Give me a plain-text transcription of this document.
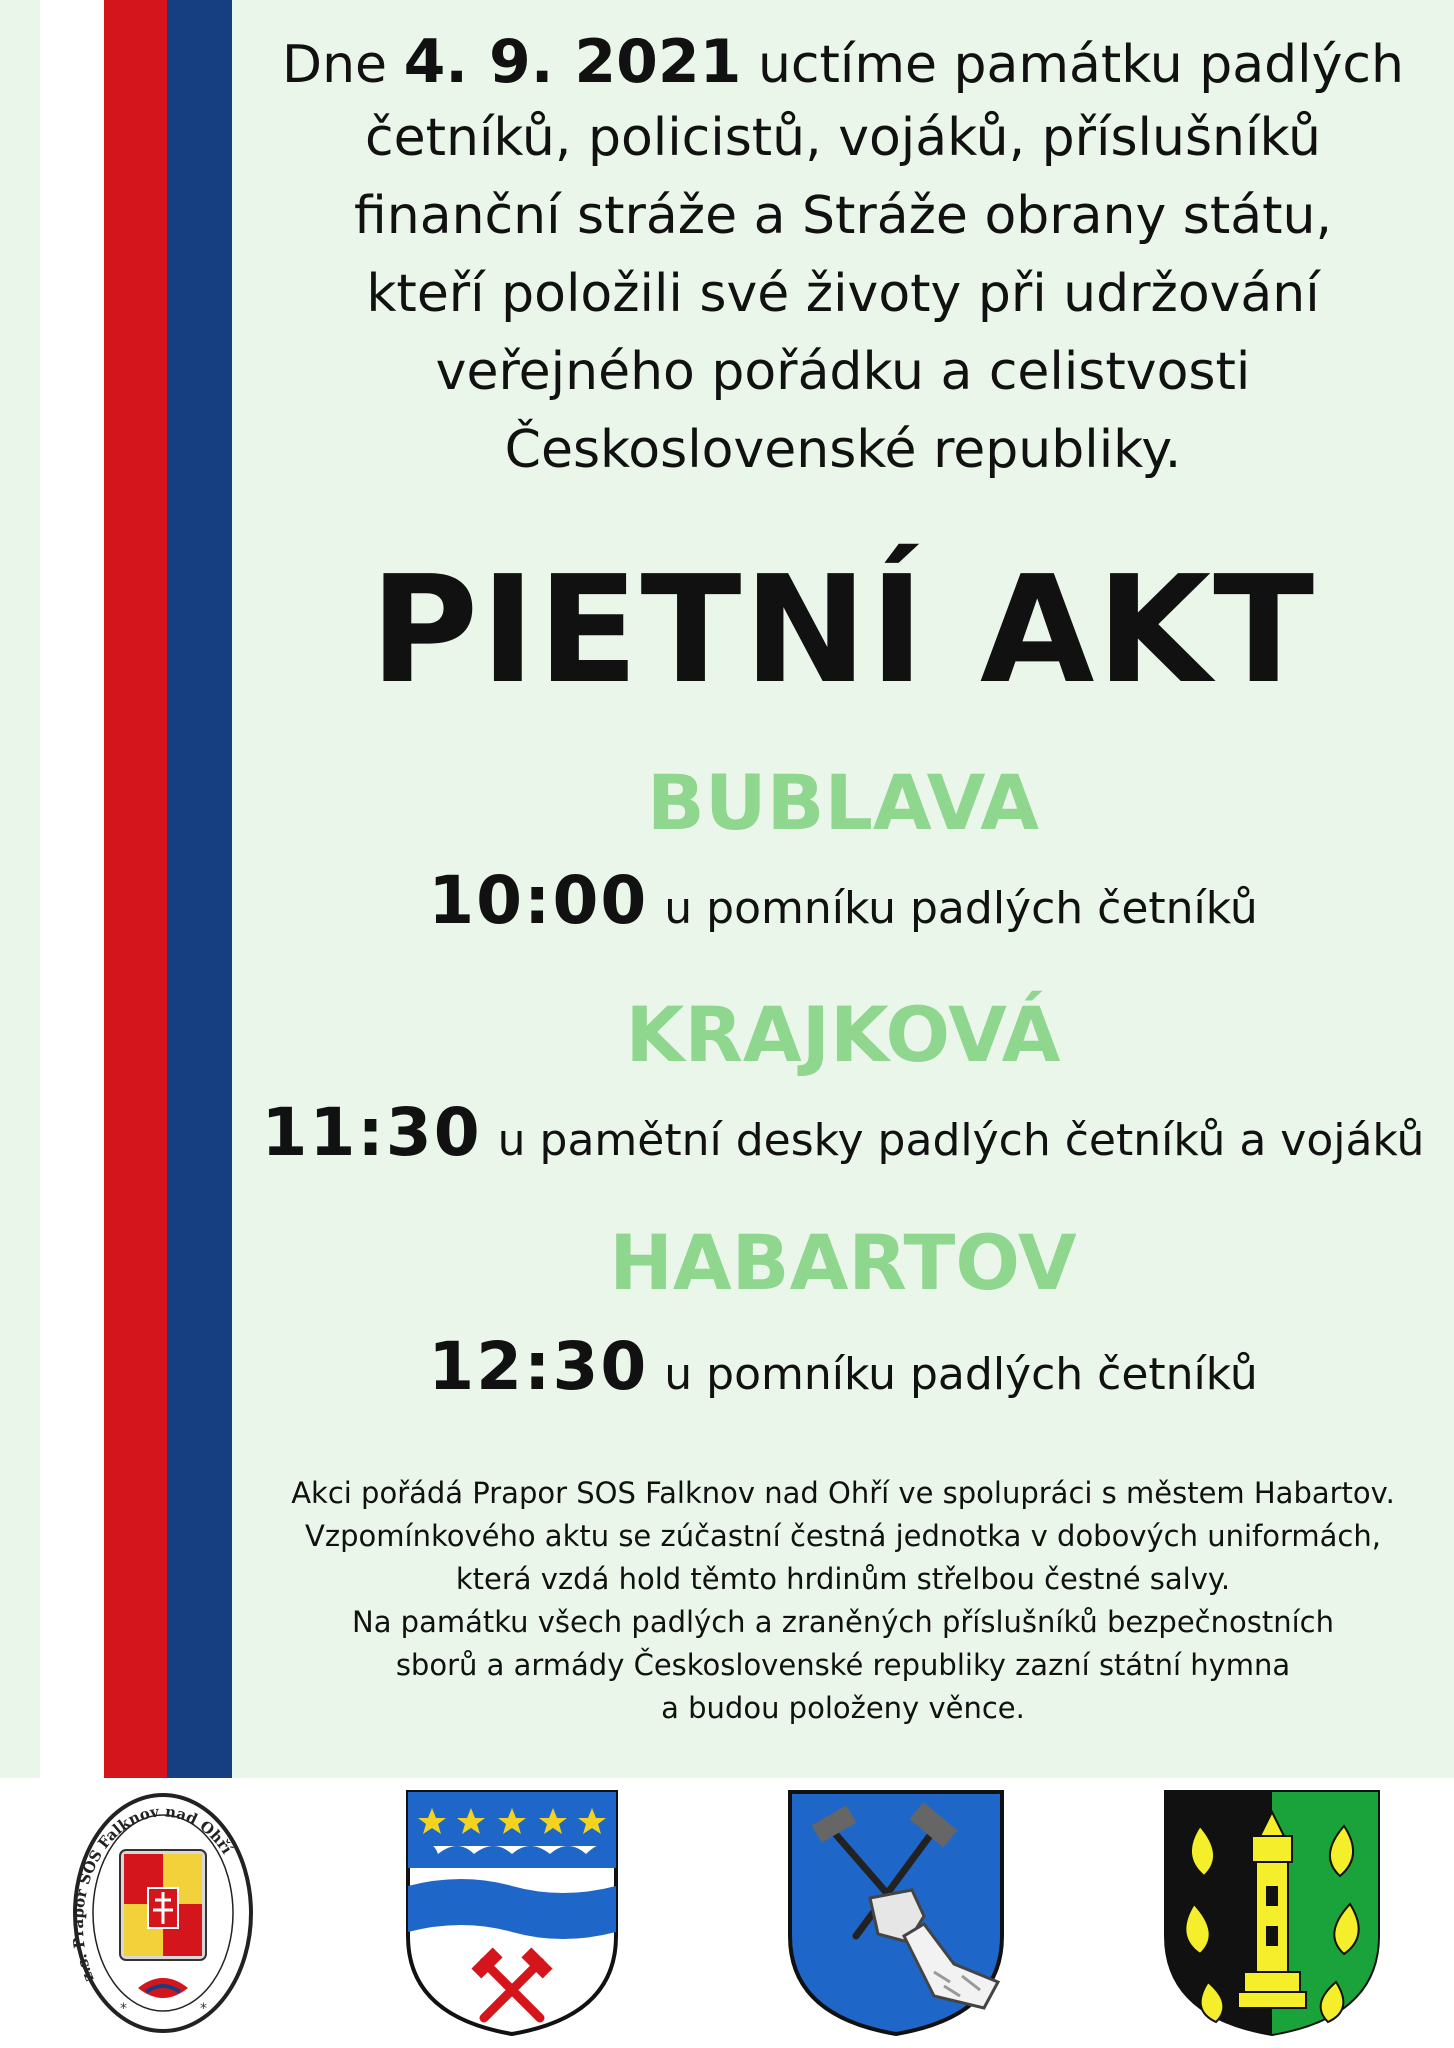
Dne 4. 9. 2021 uctíme památku padlých
četníků, policistů, vojáků, příslušníků
finanční stráže a Stráže obrany státu,
kteří položili své životy při udržování
veřejného pořádku a celistvosti
Československé republiky.
PIETNÍ AKT
BUBLAVA
10:00 u pomníku padlých četníků
KRAJKOVÁ
11:30 u pamětní desky padlých četníků a vojáků
HABARTOV
12:30 u pomníku padlých četníků
Akci pořádá Prapor SOS Falknov nad Ohří ve spolupráci s městem Habartov.
Vzpomínkového aktu se zúčastní čestná jednotka v dobových uniformách,
která vzdá hold těmto hrdinům střelbou čestné salvy.
Na památku všech padlých a zraněných příslušníků bezpečnostních
sborů a armády Československé republiky zazní státní hymna
a budou položeny věnce.
z.s. Prapor SOS Falknov nad Ohří
*	*
